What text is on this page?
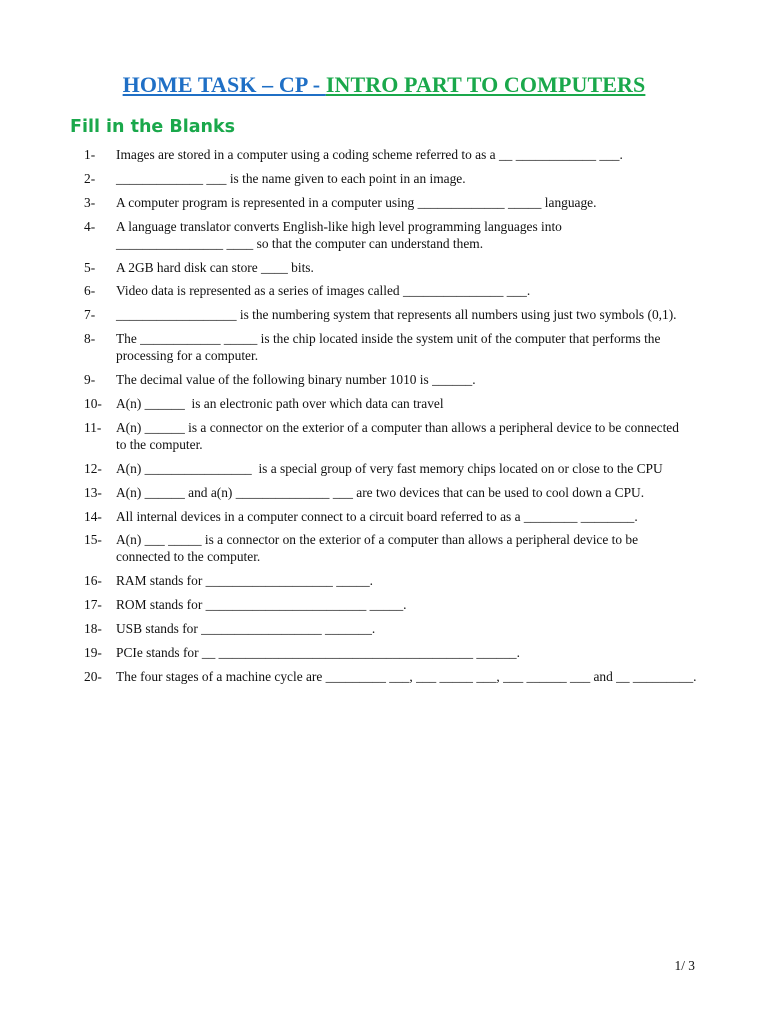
HOME TASK – CP - INTRO PART TO COMPUTERS
Fill in the Blanks
1- Images are stored in a computer using a coding scheme referred to as a __ ____________ ___.
2- _____________ ___ is the name given to each point in an image.
3- A computer program is represented in a computer using _____________ _____ language.
4- A language translator converts English-like high level programming languages into
________________ ____ so that the computer can understand them.
5- A 2GB hard disk can store ____ bits.
6- Video data is represented as a series of images called _______________ ___.
7- __________________ is the numbering system that represents all numbers using just two symbols (0,1).
8- The ____________ _____ is the chip located inside the system unit of the computer that performs the
processing for a computer.
9- The decimal value of the following binary number 1010 is ______.
10- A(n) ______  is an electronic path over which data can travel
11- A(n) ______ is a connector on the exterior of a computer than allows a peripheral device to be connected
to the computer.
12- A(n) ________________  is a special group of very fast memory chips located on or close to the CPU
13- A(n) ______ and a(n) ______________ ___ are two devices that can be used to cool down a CPU.
14- All internal devices in a computer connect to a circuit board referred to as a ________ ________.
15- A(n) ___ _____ is a connector on the exterior of a computer than allows a peripheral device to be
connected to the computer.
16- RAM stands for ___________________ _____.
17- ROM stands for ________________________ _____.
18- USB stands for __________________ _______.
19- PCIe stands for __ ______________________________________ ______.
20- The four stages of a machine cycle are _________ ___, ___ _____ ___, ___ ______ ___ and __ _________.
1/ 3
